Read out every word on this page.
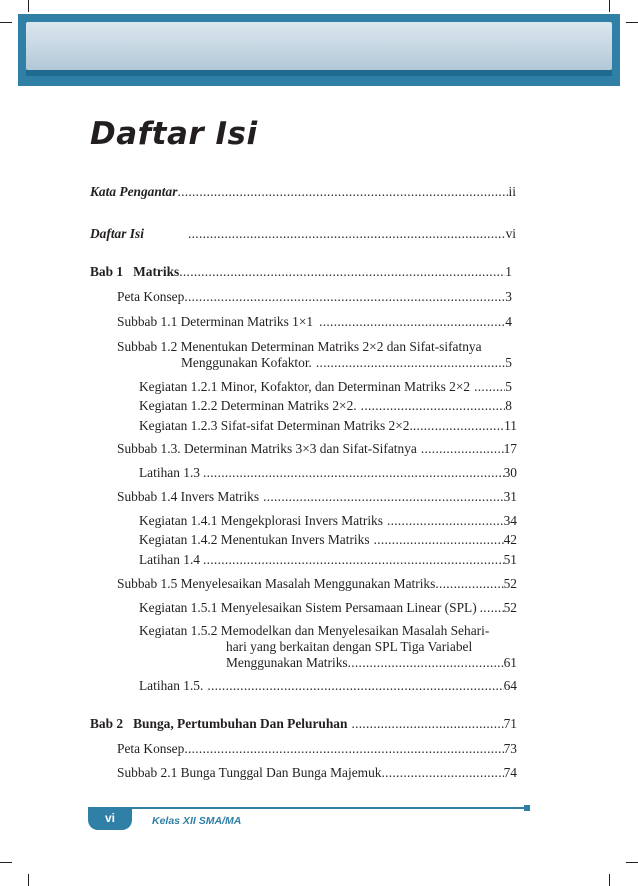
Daftar Isi
Kata Pengantar .....	ii
Daftar Isi .....	vi
Bab 1 Matriks .....	1
Peta Konsep .....	3
Subbab 1.1 Determinan Matriks 1×1 .....	4
Subbab 1.2 Menentukan Determinan Matriks 2×2 dan Sifat-sifatnya
Menggunakan Kofaktor. .....	5
Kegiatan 1.2.1 Minor, Kofaktor, dan Determinan Matriks 2×2 .....	5
Kegiatan 1.2.2 Determinan Matriks 2×2. .....	8
Kegiatan 1.2.3 Sifat-sifat Determinan Matriks 2×2. .....	11
Subbab 1.3. Determinan Matriks 3×3 dan Sifat-Sifatnya .....	17
Latihan 1.3 .....	30
Subbab 1.4 Invers Matriks .....	31
Kegiatan 1.4.1 Mengekplorasi Invers Matriks .....	34
Kegiatan 1.4.2 Menentukan Invers Matriks .....	42
Latihan 1.4 .....	51
Subbab 1.5 Menyelesaikan Masalah Menggunakan Matriks .....	52
Kegiatan 1.5.1 Menyelesaikan Sistem Persamaan Linear (SPL) ..... 52
Kegiatan 1.5.2 Memodelkan dan Menyelesaikan Masalah Sehari-
hari yang berkaitan dengan SPL Tiga Variabel
Menggunakan Matriks .....	61
Latihan 1.5. .....	64
Bab 2 Bunga, Pertumbuhan Dan Peluruhan .....	71
Peta Konsep .....	73
Subbab 2.1 Bunga Tunggal Dan Bunga Majemuk .....	74
vi	Kelas XII SMA/MA
